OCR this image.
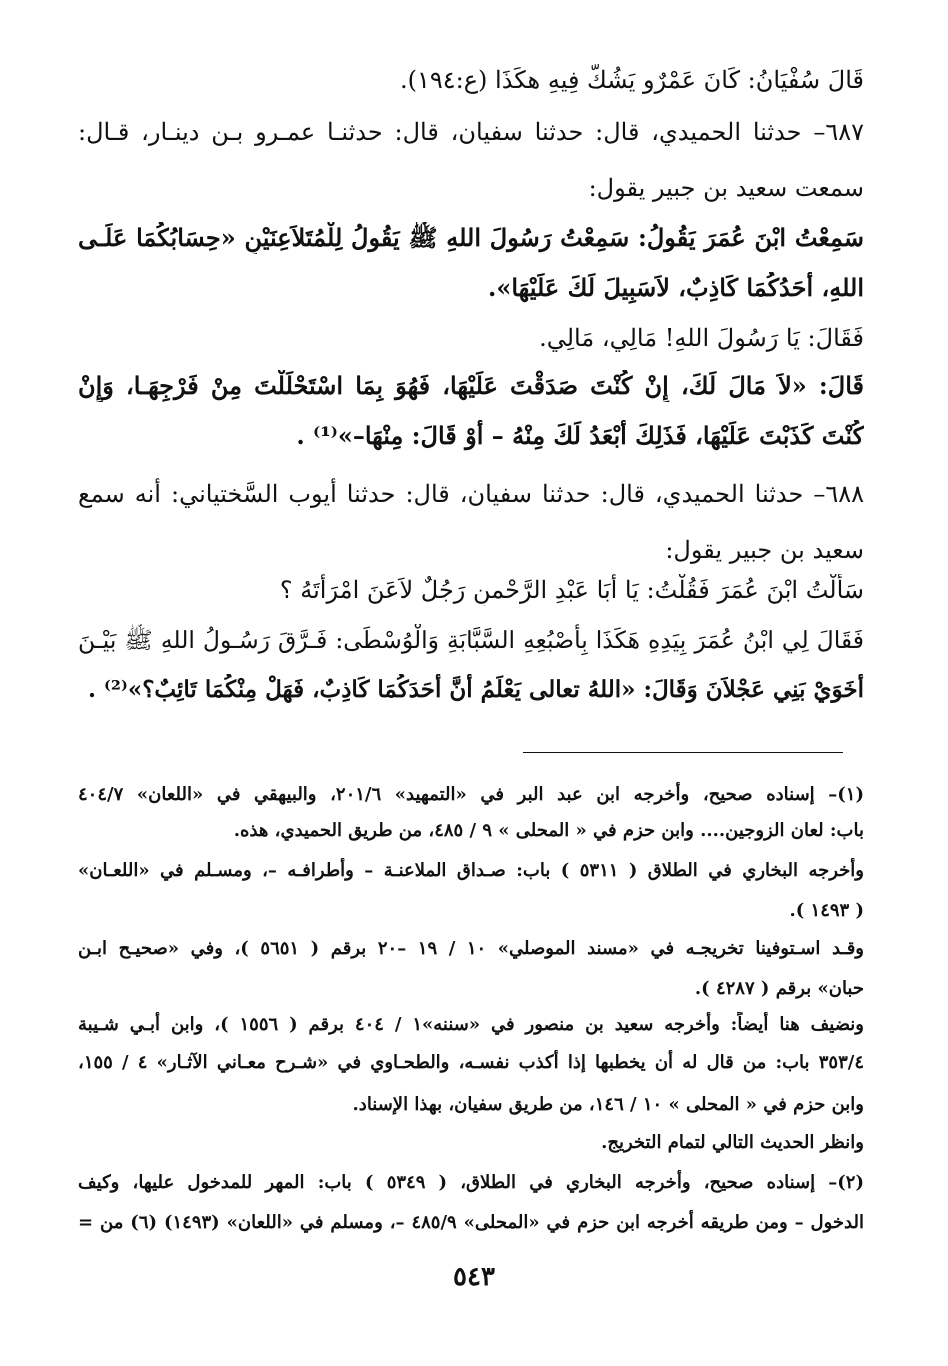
قَالَ سُفْيَانُ: كَانَ عَمْرٌو يَشُكُّ فِيهِ هكَذَا (ع:١٩٤).
٦٨٧– حدثنا الحميدي، قال: حدثنا سفيان، قال: حدثنـا عمـرو بـن دينـار، قـال:
سمعت سعيد بن جبير يقول:
سَمِعْتُ ابْنَ عُمَرَ يَقُولُ: سَمِعْتُ رَسُولَ اللهِ ﷺ يَقُولُ لِلْمُتَلاَعِنَيْنِ «حِسَابُكُمَا عَلَـى
اللهِ، أَحَدُكُمَا كَاذِبٌ، لاَسَبِيلَ لَكَ عَلَيْهَا».
فَقَالَ: يَا رَسُولَ اللهِ! مَالِي، مَالِي.
قَالَ: «لاَ مَالَ لَكَ، إِنْ كُنْتَ صَدَقْتَ عَلَيْهَا، فَهُوَ بِمَا اسْتَحْلَلْتَ مِنْ فَرْجِهَـا، وَإِنْ
كُنْتَ كَذَبْتَ عَلَيْهَا، فَذَلِكَ أَبْعَدُ لَكَ مِنْهُ – أَوْ قَالَ: مِنْهَا–»⁽¹⁾ .
٦٨٨– حدثنا الحميدي، قال: حدثنا سفيان، قال: حدثنا أيوب السَّختياني: أنه سمع
سعيد بن جبير يقول:
سَأَلْتُ ابْنَ عُمَرَ فَقُلْتُ: يَا أَبَا عَبْدِ الرَّحْمنِ رَجُلٌ لاَعَنَ امْرَأَتَهُ ؟
فَقَالَ لِي ابْنُ عُمَرَ بِيَدِهِ هَكَذَا بِأُصْبُعِهِ السَّبَّابَةِ وَالْوُسْطَى: فَـرَّقَ رَسُـولُ اللهِ ﷺ بَيْـنَ
أَخَوَيْ بَنِي عَجْلاَنَ وَقَالَ: «اللهُ تعالى يَعْلَمُ أَنَّ أَحَدَكُمَا كَاذِبٌ، فَهَلْ مِنْكُمَا تَائِبٌ؟»⁽²⁾ .
(١)– إسناده صحيح، وأخرجه ابن عبد البر في «التمهيد» ٢٠١/٦، والبيهقي في «اللعان» ٤٠٤/٧
باب: لعان الزوجين.... وابن حزم في « المحلى » ٩ / ٤٨٥، من طريق الحميدي، هذه.
وأخرجه البخاري في الطلاق ( ٥٣١١ ) باب: صـداق الملاعنـة – وأطرافـه –، ومسـلم في «اللعـان»
( ١٤٩٣ ).
وقـد اسـتوفينا تخريجـه في «مسند الموصلي» ١٠ / ١٩ –٢٠ برقم ( ٥٦٥١ )، وفي «صحيـح ابـن
حبان» برقم ( ٤٢٨٧ ).
ونضيف هنا أيضاً: وأخرجه سعيد بن منصور في «سننه»١ / ٤٠٤ برقم ( ١٥٥٦ )، وابن أبـي شـيبة
٣٥٣/٤ باب: من قال له أن يخطبها إذا أكذب نفسـه، والطحـاوي في «شـرح معـاني الآثـار» ٤ / ١٥٥،
وابن حزم في « المحلى » ١٠ / ١٤٦، من طريق سفيان، بهذا الإسناد.
وانظر الحديث التالي لتمام التخريج.
(٢)– إسناده صحيح، وأخرجه البخاري في الطلاق، ( ٥٣٤٩ ) باب: المهر للمدخول عليها، وكيف
الدخول – ومن طريقه أخرجه ابن حزم في «المحلى» ٤٨٥/٩ –، ومسلم في «اللعان» (١٤٩٣) (٦) من =
٥٤٣
